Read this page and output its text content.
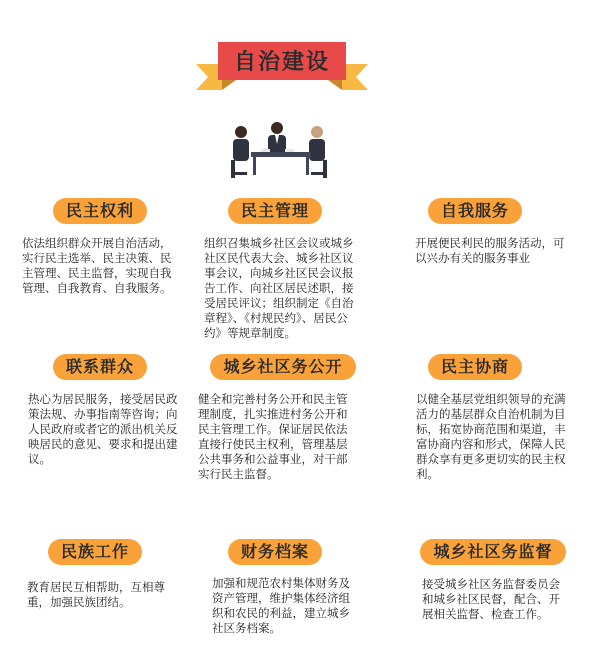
自治建设
民主权利
依法组织群众开展自治活动，实行民主选举、民主决策、民主管理、民主监督，实现自我管理、自我教育、自我服务。
民主管理
组织召集城乡社区会议或城乡社区民代表大会、城乡社区议事会议，向城乡社区民会议报告工作、向社区居民述职，接受居民评议；组织制定《自治章程》、《村规民约》、居民公约》等规章制度。
自我服务
开展便民利民的服务活动，可以兴办有关的服务事业
联系群众
热心为居民服务，接受居民政策法规、办事指南等咨询；向人民政府或者它的派出机关反映居民的意见、要求和提出建议。
城乡社区务公开
健全和完善村务公开和民主管理制度，扎实推进村务公开和民主管理工作。保证居民依法直接行使民主权利，管理基层公共事务和公益事业，对干部实行民主监督。
民主协商
以健全基层党组织领导的充满活力的基层群众自治机制为目标，拓宽协商范围和渠道，丰富协商内容和形式，保障人民群众享有更多更切实的民主权利。
民族工作
教育居民互相帮助，互相尊重，加强民族团结。
财务档案
加强和规范农村集体财务及资产管理，维护集体经济组织和农民的利益，建立城乡社区务档案。
城乡社区务监督
接受城乡社区务监督委员会和城乡社区民督，配合、开展相关监督、检查工作。
